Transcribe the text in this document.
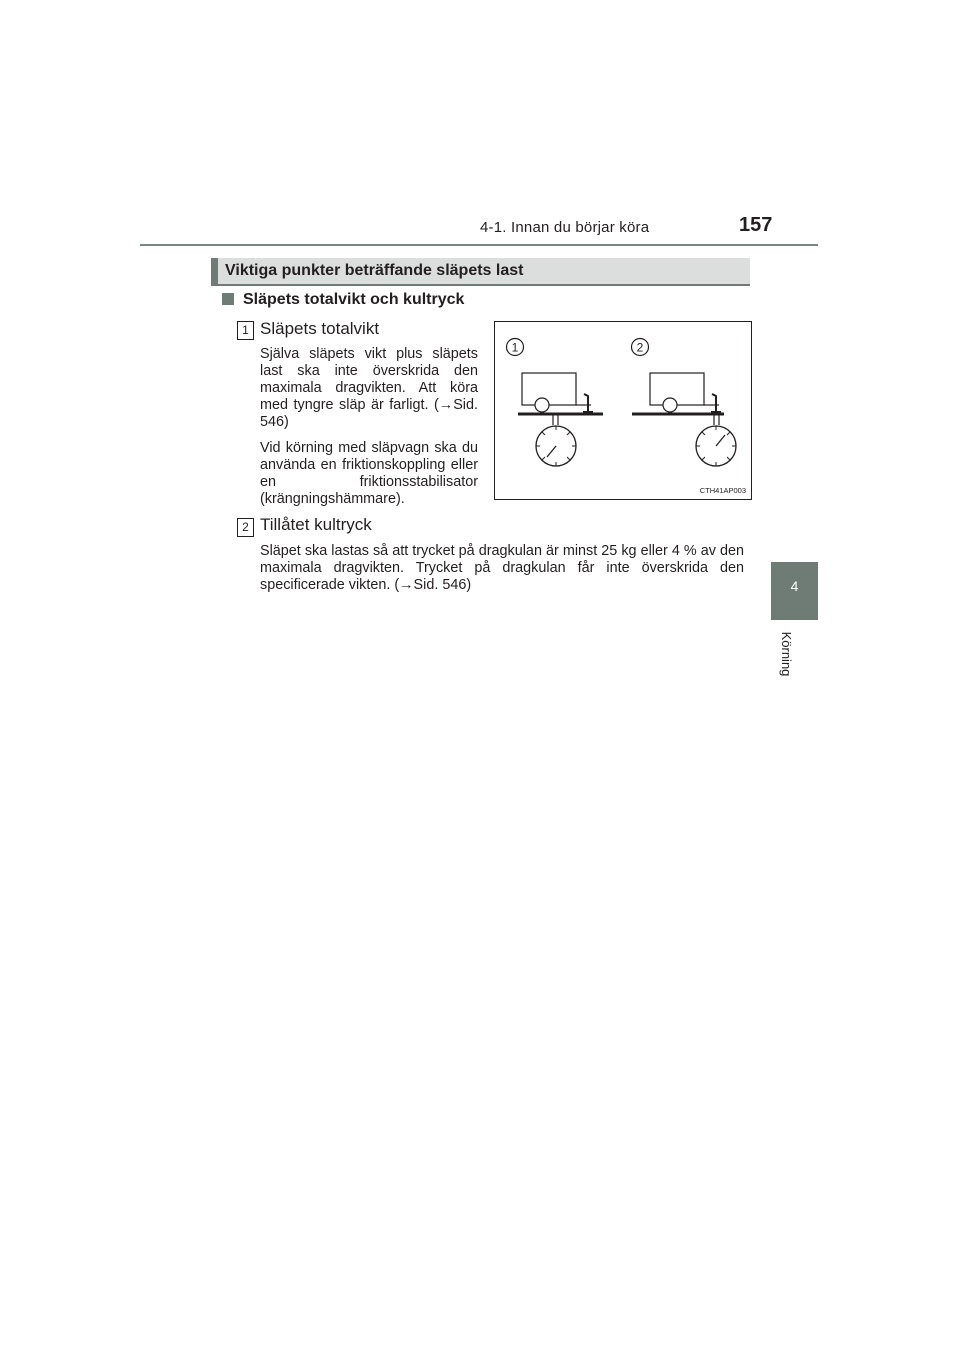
4-1. Innan du börjar köra	157
4
Körning
Viktiga punkter beträffande släpets last
Släpets totalvikt och kultryck
1 Släpets totalvikt
Själva släpets vikt plus släpets last ska inte överskrida den maximala dragvikten. Att köra med tyngre släp är farligt. (→Sid. 546)
Vid körning med släpvagn ska du använda en friktionskoppling eller en friktionsstabilisator (krängningshämmare).
2 Tillåtet kultryck
Släpet ska lastas så att trycket på dragkulan är minst 25 kg eller 4 % av den maximala dragvikten. Trycket på dragkulan får inte överskrida den specificerade vikten. (→Sid. 546)
1	2
CTH41AP003
